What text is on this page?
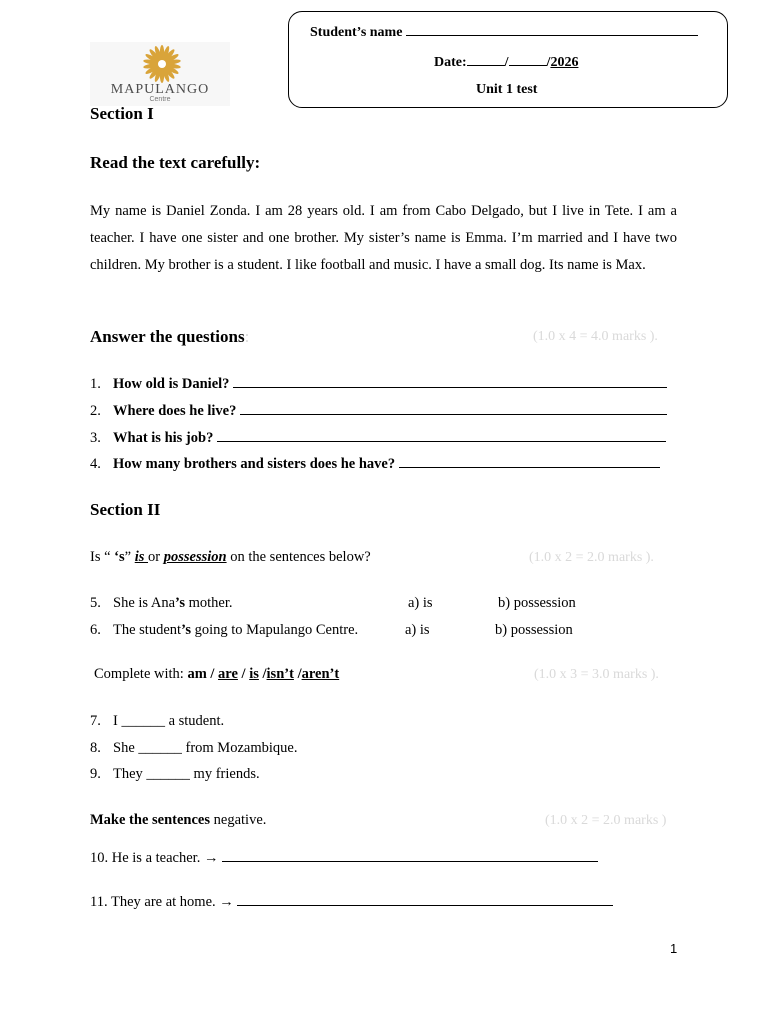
Student’s name
Date:	/	/2026
Unit 1 test
MAPULANGO
Centre
Section I
Read the text carefully:
My name is Daniel Zonda. I am 28 years old. I am from Cabo Delgado, but I live in Tete. I am a teacher. I have one sister and one brother. My sister’s name is Emma. I’m married and I have two children. My brother is a student. I like football and music. I have a small dog. Its name is Max.
Answer the questions:	(1.0 x 4 = 4.0 marks ).
1. How old is Daniel?
2. Where does he live?
3. What is his job?
4. How many brothers and sisters does he have?
Section II
Is “ ‘s” is or possession on the sentences below?	(1.0 x 2 = 2.0 marks ).
5. She is Ana’s mother.	a) is	b) possession
6. The student’s going to Mapulango Centre.	a) is	b) possession
Complete with: am / are / is /isn’t /aren’t	(1.0 x 3 = 3.0 marks ).
7. I ______ a student.
8. She ______ from Mozambique.
9. They ______ my friends.
Make the sentences negative.	(1.0 x 2 = 2.0 marks )
10. He is a teacher. →
11. They are at home. →
1
